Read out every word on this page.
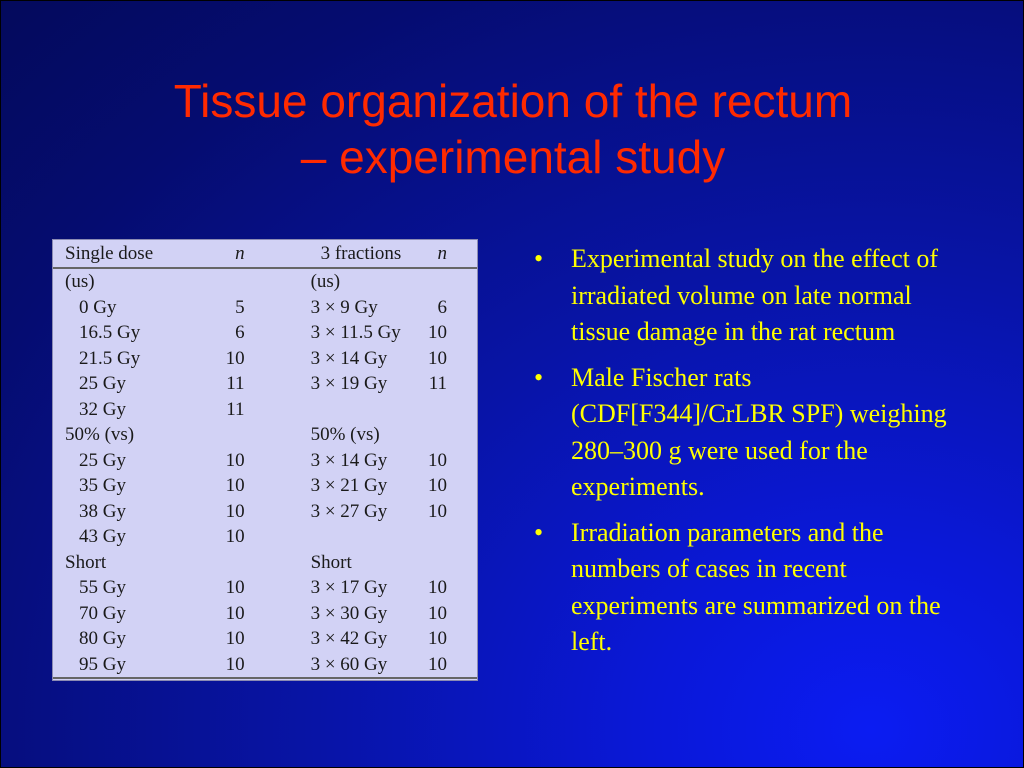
Tissue organization of the rectum
– experimental study
Single dose	n	3 fractions	n
(us)		(us)	
0 Gy	5	3 × 9 Gy	6
16.5 Gy	6	3 × 11.5 Gy	10
21.5 Gy	10	3 × 14 Gy	10
25 Gy	11	3 × 19 Gy	11
32 Gy	11		
50% (vs)		50% (vs)	
25 Gy	10	3 × 14 Gy	10
35 Gy	10	3 × 21 Gy	10
38 Gy	10	3 × 27 Gy	10
43 Gy	10		
Short		Short	
55 Gy	10	3 × 17 Gy	10
70 Gy	10	3 × 30 Gy	10
80 Gy	10	3 × 42 Gy	10
95 Gy	10	3 × 60 Gy	10
• Experimental study on the effect of irradiated volume on late normal tissue damage in the rat rectum
• Male Fischer rats (CDF[F344]/CrLBR SPF) weighing 280–300 g were used for the experiments.
• Irradiation parameters and the numbers of cases in recent experiments are summarized on the left.
